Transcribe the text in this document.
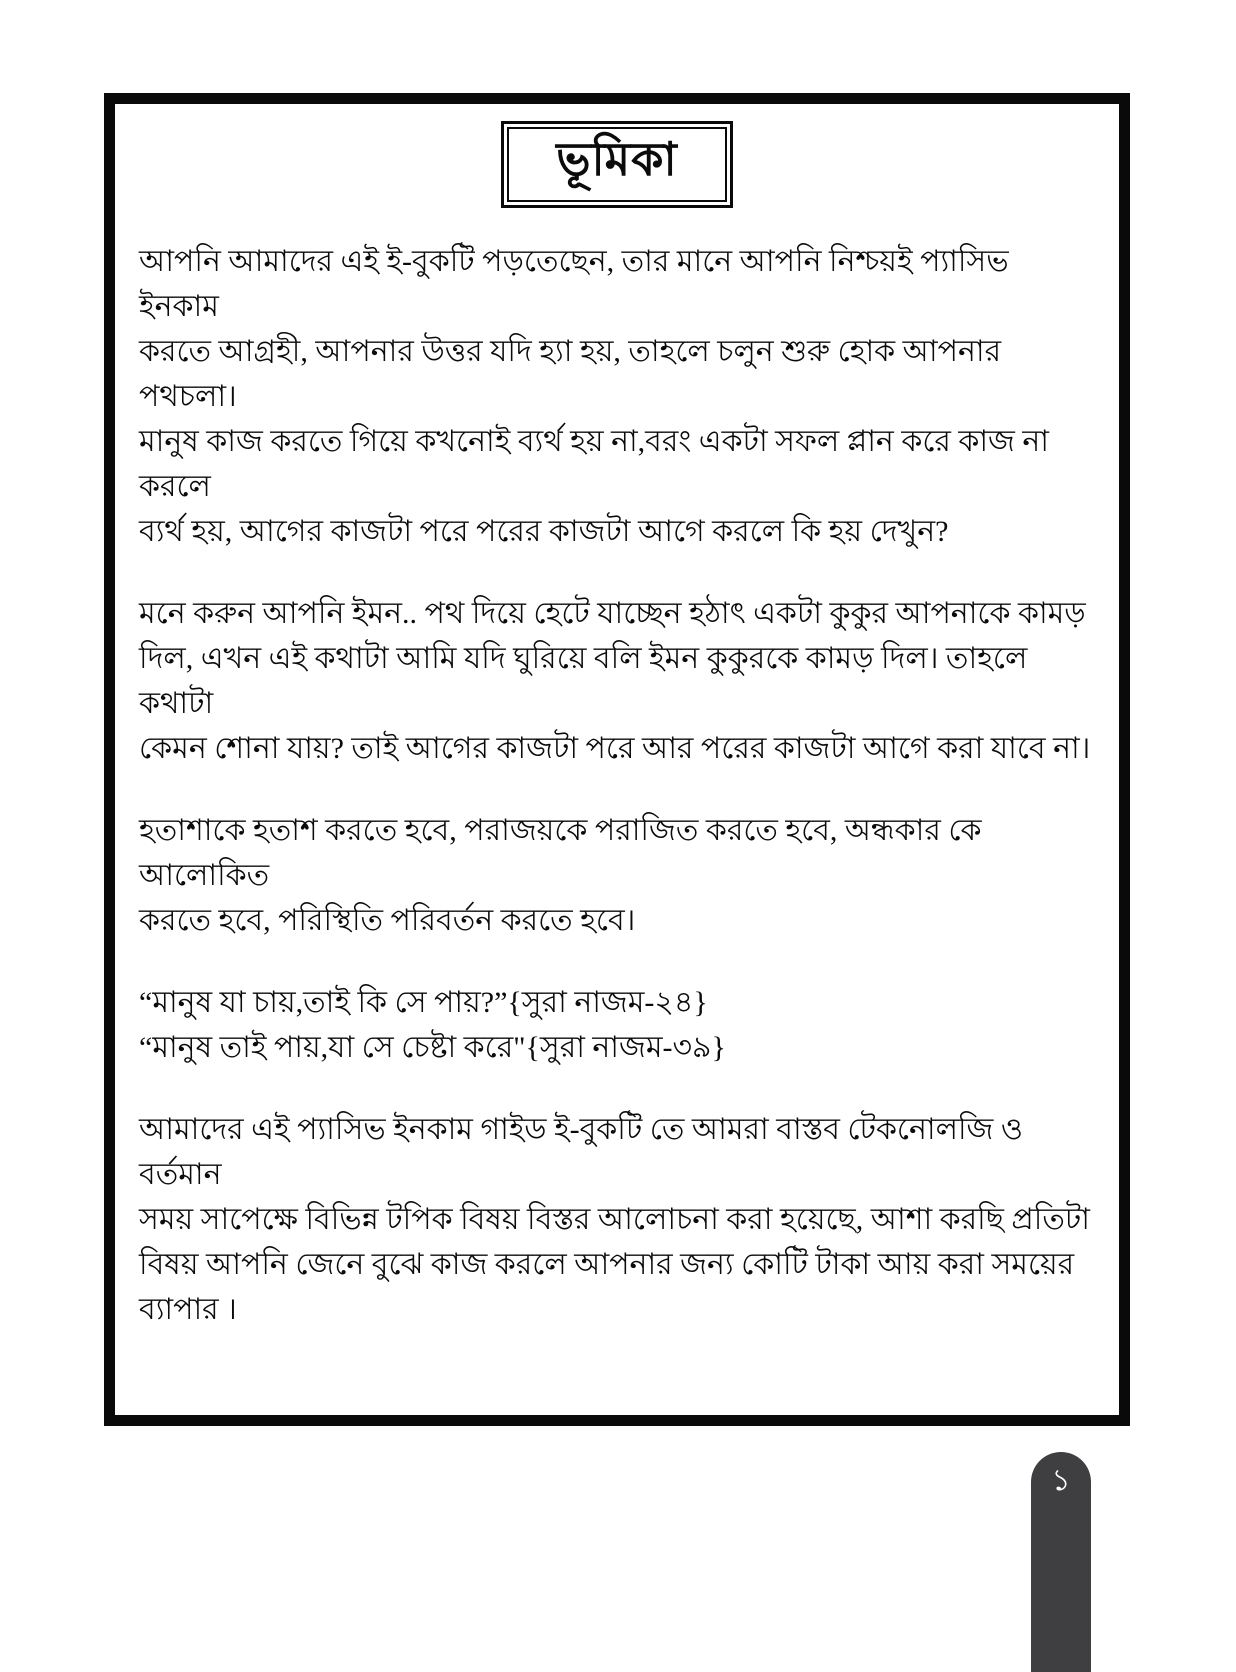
ভূমিকা
আপনি আমাদের এই ই-বুকটি পড়তেছেন, তার মানে আপনি নিশ্চয়ই প্যাসিভ ইনকাম
করতে আগ্রহী, আপনার উত্তর যদি হ্যা হয়, তাহলে চলুন শুরু হোক আপনার পথচলা।
মানুষ কাজ করতে গিয়ে কখনোই ব্যর্থ হয় না,বরং একটা সফল প্লান করে কাজ না করলে
ব্যর্থ হয়, আগের কাজটা পরে পরের কাজটা আগে করলে কি হয় দেখুন?
মনে করুন আপনি ইমন.. পথ দিয়ে হেটে যাচ্ছেন হঠাৎ একটা কুকুর আপনাকে কামড়
দিল, এখন এই কথাটা আমি যদি ঘুরিয়ে বলি ইমন কুকুরকে কামড় দিল। তাহলে কথাটা
কেমন শোনা যায়? তাই আগের কাজটা পরে আর পরের কাজটা আগে করা যাবে না।
হতাশাকে হতাশ করতে হবে, পরাজয়কে পরাজিত করতে হবে, অন্ধকার কে আলোকিত
করতে হবে, পরিস্থিতি পরিবর্তন করতে হবে।
“মানুষ যা চায়,তাই কি সে পায়?”{সুরা নাজম-২৪}
“মানুষ তাই পায়,যা সে চেষ্টা করে"{সুরা নাজম-৩৯}
আমাদের এই প্যাসিভ ইনকাম গাইড ই-বুকটি তে আমরা বাস্তব টেকনোলজি ও বর্তমান
সময় সাপেক্ষে বিভিন্ন টপিক বিষয় বিস্তর আলোচনা করা হয়েছে, আশা করছি প্রতিটা
বিষয় আপনি জেনে বুঝে কাজ করলে আপনার জন্য কোটি টাকা আয় করা সময়ের
ব্যাপার ।
১
